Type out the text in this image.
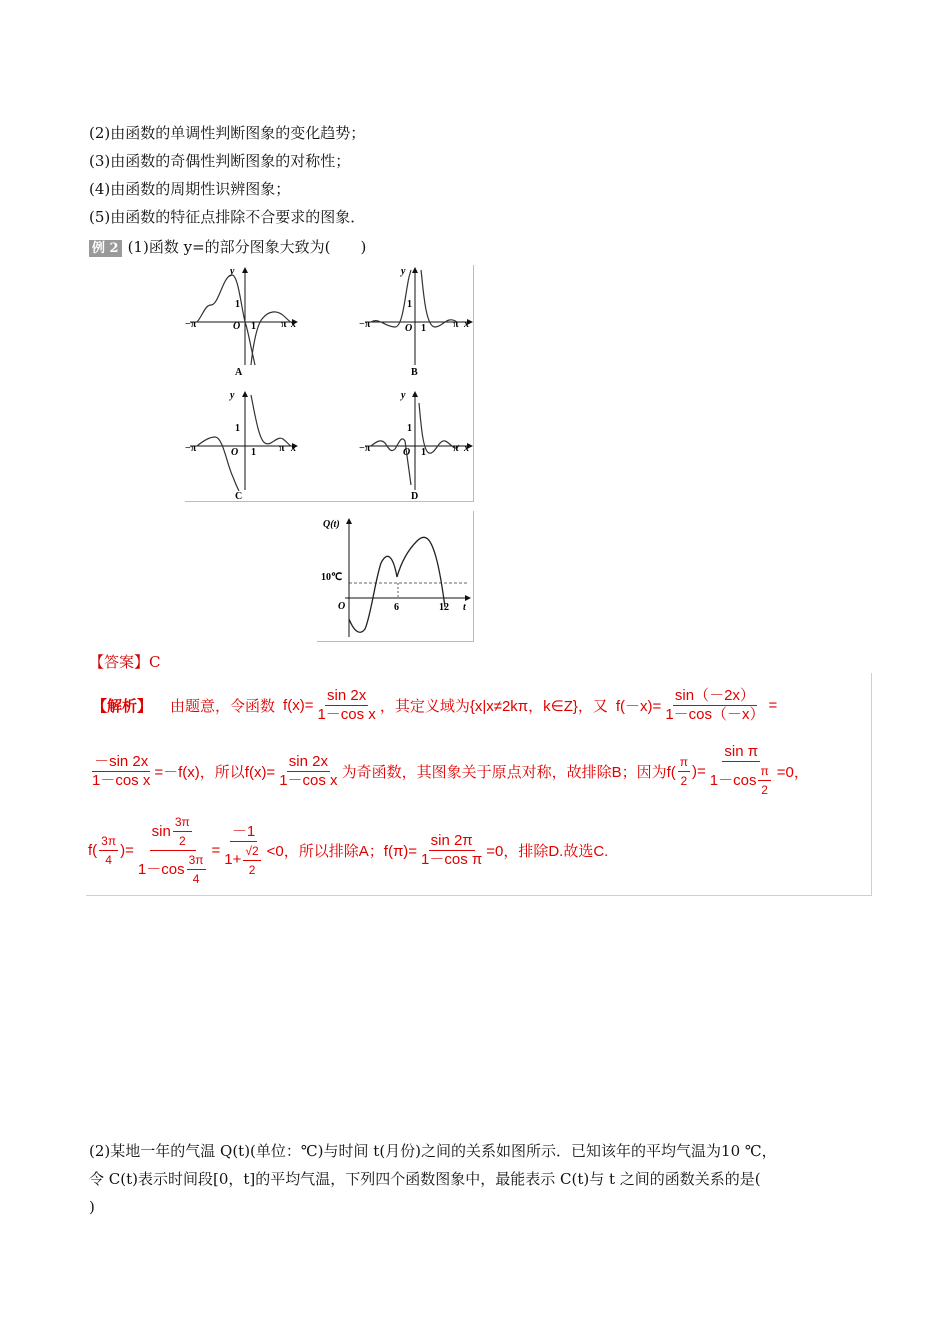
(2)由函数的单调性判断图象的变化趋势；
(3)由函数的奇偶性判断图象的对称性；
(4)由函数的周期性识辨图象；
(5)由函数的特征点排除不合要求的图象．
例 2 (1)函数 y=的部分图象大致为(　　)
−π	O
1
1	π x
y
A
−π	O
1
1	π x
y
B
−π	O
1
1 π x
y
C
−π	O
1
1	π x
y
D
Q(t)
10℃
O	6	12 t
【答案】C
【解析】 由题意，令函数 $f(x)= \frac{\sin 2x}{\text{1－cos x}}$ ，其定义域为{x|x≠2kπ，k∈Z}，又 $f(-x)= \frac{\sin(-2x)}{1-\cos(-x)}$ =
$\frac{-\sin 2x}{\text{1－cos x}} =-f(x)$，所以$f(x)= \frac{\sin 2x}{\text{1－cos x}}$ 为奇函数，其图象关于原点对称，故排除B；因为$f( \frac{\pi}{2}$ )= $\frac{\text{sin π}}{1-\cos \frac{\pi}{2}} =0$，
$f( \frac{3\pi}{4}$ )= $\frac{\sin \frac{3\pi}{2}}{1-\cos \frac{3\pi}{4}} = \frac{-1}{1+ \frac{√2}{2}} <0$，所以排除A；$f(\pi)= \frac{\sin 2\pi}{\text{1－cos π}} =0$，排除D.故选C.
(2)某地一年的气温 Q(t)(单位：℃)与时间 t(月份)之间的关系如图所示．已知该年的平均气温为10 ℃，
令 C(t)表示时间段[0，t]的平均气温，下列四个函数图象中，最能表示 C(t)与 t 之间的函数关系的是(
)
